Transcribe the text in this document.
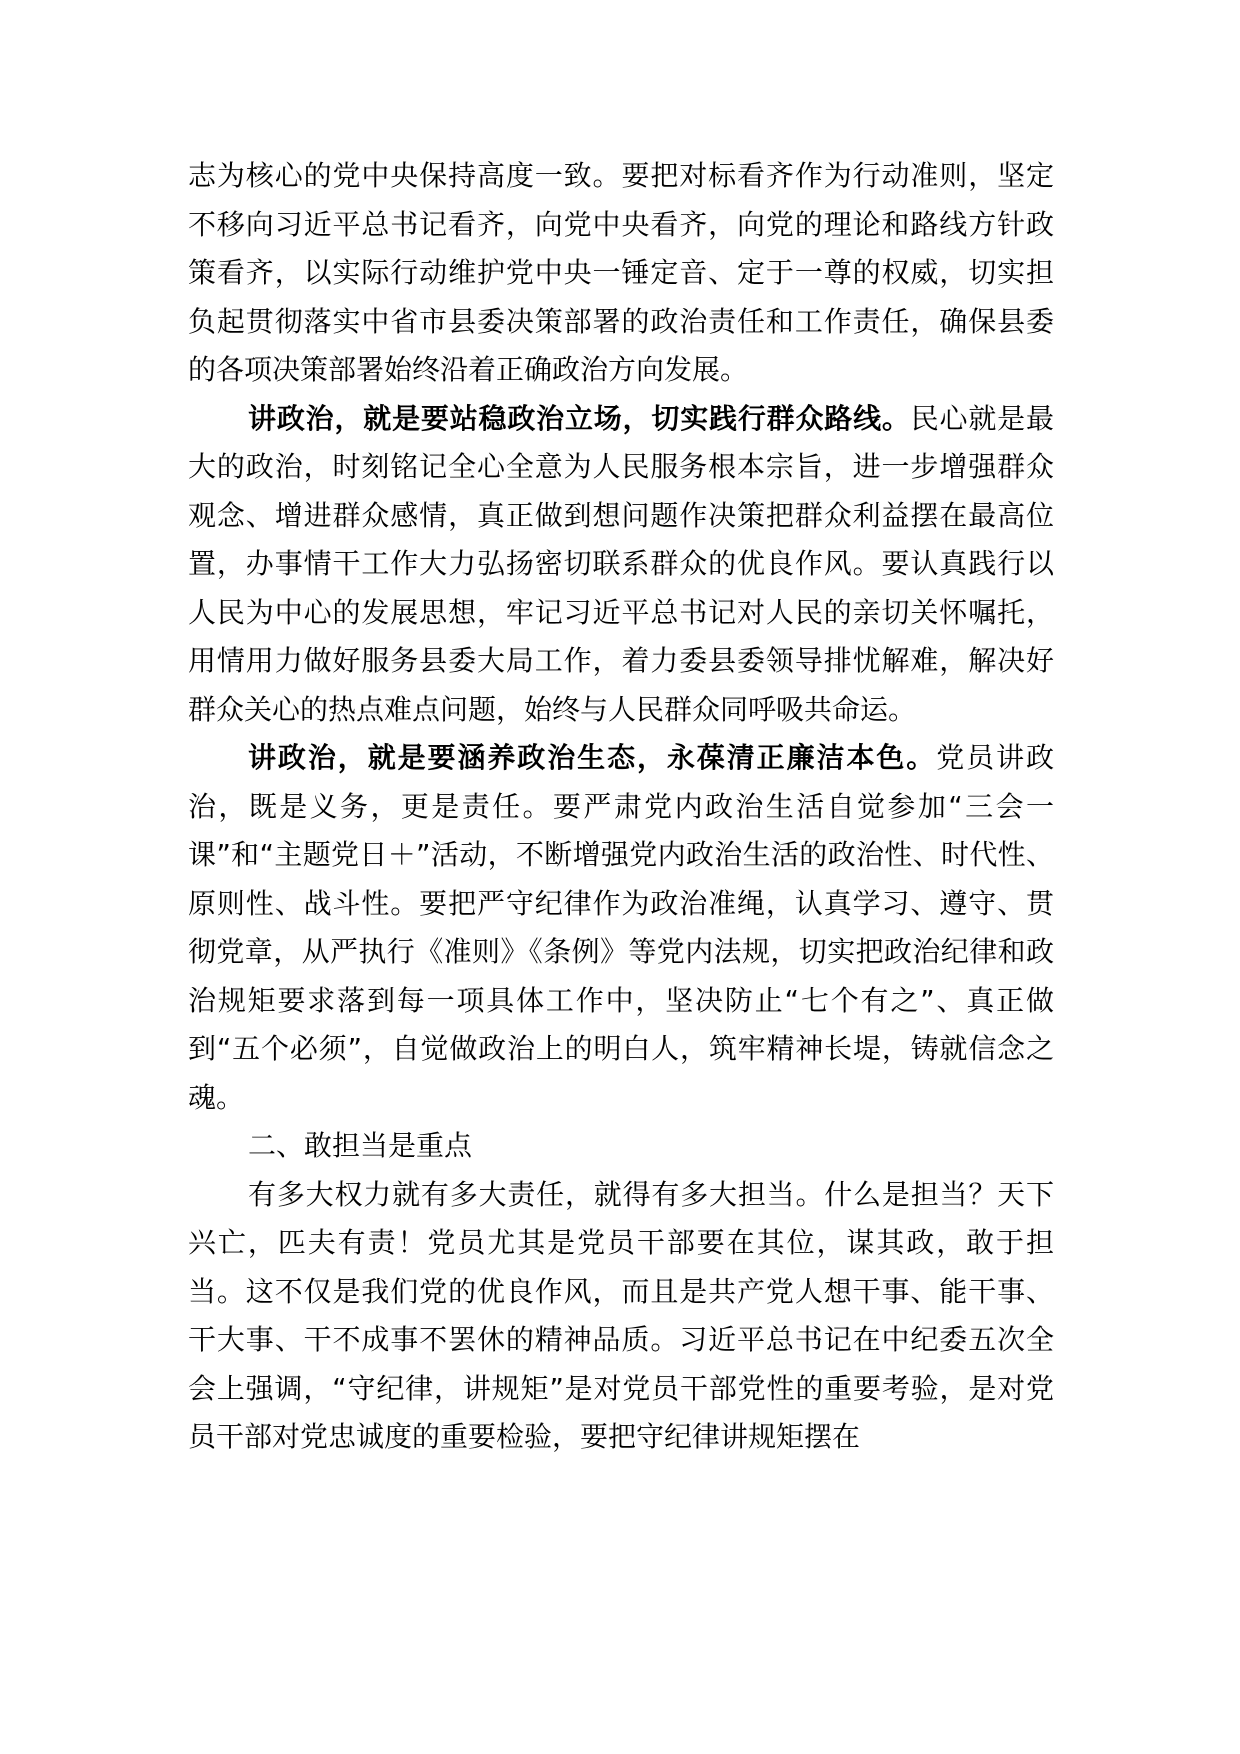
志为核心的党中央保持高度一致。要把对标看齐作为行动准则，坚定不移向习近平总书记看齐，向党中央看齐，向党的理论和路线方针政策看齐，以实际行动维护党中央一锤定音、定于一尊的权威，切实担负起贯彻落实中省市县委决策部署的政治责任和工作责任，确保县委的各项决策部署始终沿着正确政治方向发展。

讲政治，就是要站稳政治立场，切实践行群众路线。民心就是最大的政治，时刻铭记全心全意为人民服务根本宗旨，进一步增强群众观念、增进群众感情，真正做到想问题作决策把群众利益摆在最高位置，办事情干工作大力弘扬密切联系群众的优良作风。要认真践行以人民为中心的发展思想，牢记习近平总书记对人民的亲切关怀嘱托，用情用力做好服务县委大局工作，着力委县委领导排忧解难，解决好群众关心的热点难点问题，始终与人民群众同呼吸共命运。

讲政治，就是要涵养政治生态，永葆清正廉洁本色。党员讲政治，既是义务，更是责任。要严肃党内政治生活自觉参加“三会一课”和“主题党日＋”活动，不断增强党内政治生活的政治性、时代性、原则性、战斗性。要把严守纪律作为政治准绳，认真学习、遵守、贯彻党章，从严执行《准则》《条例》等党内法规，切实把政治纪律和政治规矩要求落到每一项具体工作中，坚决防止“七个有之”、真正做到“五个必须”，自觉做政治上的明白人，筑牢精神长堤，铸就信念之魂。

二、敢担当是重点

有多大权力就有多大责任，就得有多大担当。什么是担当？天下兴亡，匹夫有责！党员尤其是党员干部要在其位，谋其政，敢于担当。这不仅是我们党的优良作风，而且是共产党人想干事、能干事、干大事、干不成事不罢休的精神品质。习近平总书记在中纪委五次全会上强调，“守纪律，讲规矩”是对党员干部党性的重要考验，是对党员干部对党忠诚度的重要检验，要把守纪律讲规矩摆在
